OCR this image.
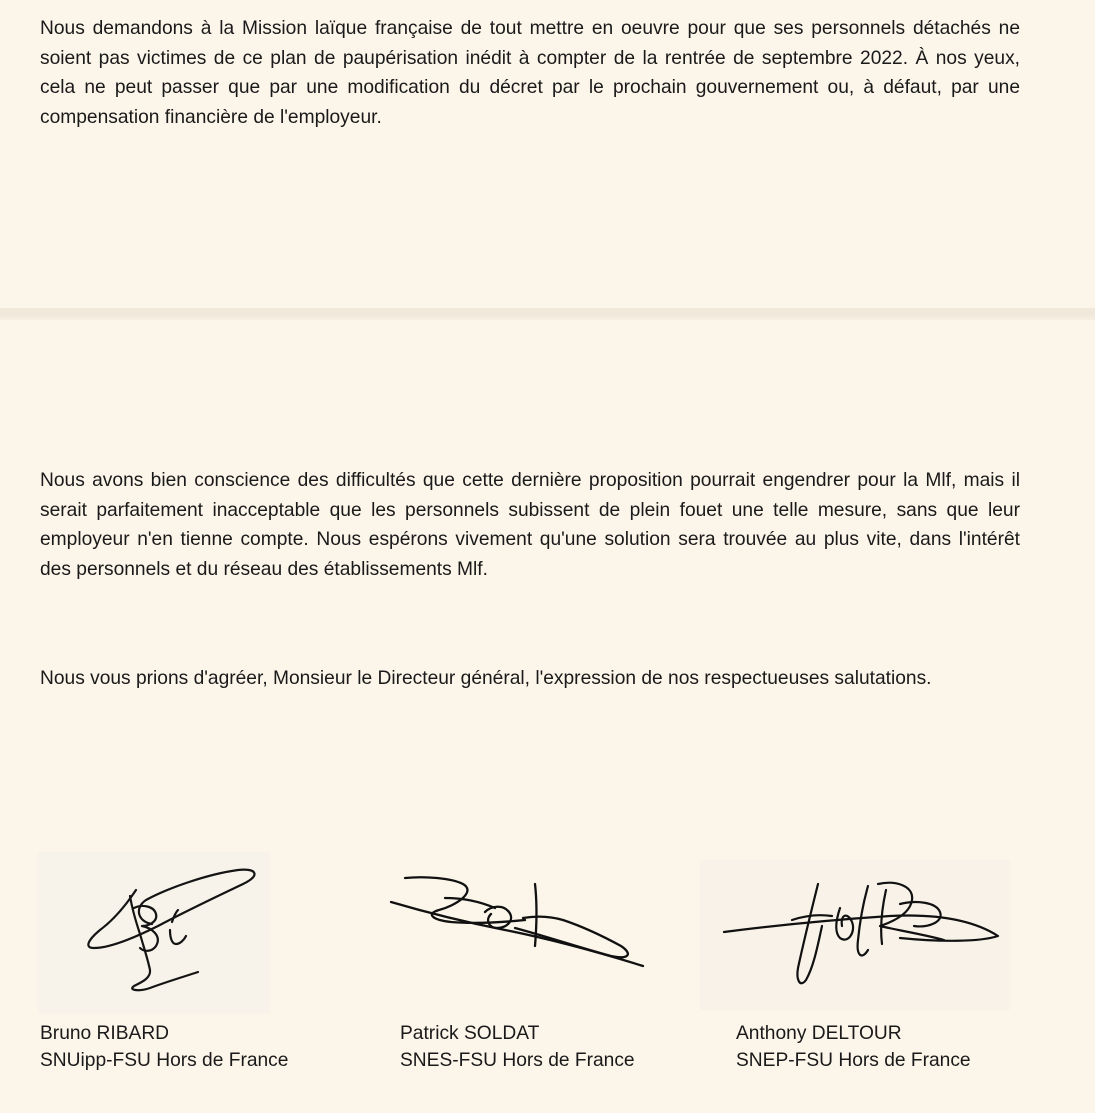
Nous demandons à la Mission laïque française de tout mettre en oeuvre pour que ses personnels détachés ne soient pas victimes de ce plan de paupérisation inédit à compter de la rentrée de septembre 2022. À nos yeux, cela ne peut passer que par une modification du décret par le prochain gouvernement ou, à défaut, par une compensation financière de l'employeur.

Nous avons bien conscience des difficultés que cette dernière proposition pourrait engendrer pour la Mlf, mais il serait parfaitement inacceptable que les personnels subissent de plein fouet une telle mesure, sans que leur employeur n'en tienne compte. Nous espérons vivement qu'une solution sera trouvée au plus vite, dans l'intérêt des personnels et du réseau des établissements Mlf.

Nous vous prions d'agréer, Monsieur le Directeur général, l'expression de nos respectueuses salutations.

Bruno RIBARD
SNUipp-FSU Hors de France
Patrick SOLDAT
SNES-FSU Hors de France
Anthony DELTOUR
SNEP-FSU Hors de France
